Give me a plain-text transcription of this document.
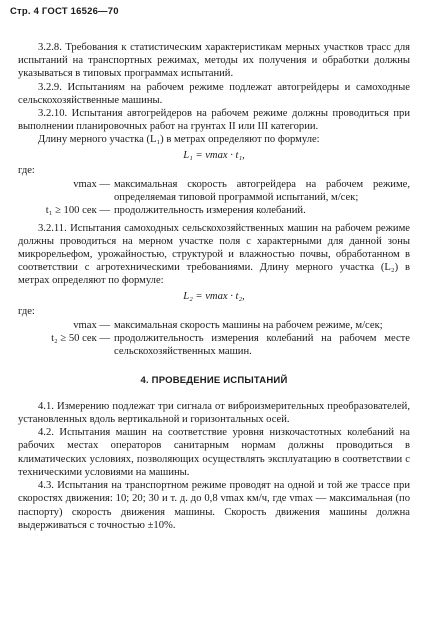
Стр. 4 ГОСТ 16526—70

3.2.8. Требования к статистическим характеристикам мерных участков трасс для испытаний на транспортных режимах, методы их получения и обработки должны указываться в типовых программах испытаний.

3.2.9. Испытаниям на рабочем режиме подлежат автогрейдеры и самоходные сельскохозяйственные машины.

3.2.10. Испытания автогрейдеров на рабочем режиме должны проводиться при выполнении планировочных работ на грунтах II или III категории.

Длину мерного участка (L₁) в метрах определяют по формуле:

L₁ = vmax · t₁,

где:

vmax — максимальная скорость автогрейдера на рабочем режиме, определяемая типовой программой испытаний, м/сек;
t₁ ≥ 100 сек — продолжительность измерения колебаний.

3.2.11. Испытания самоходных сельскохозяйственных машин на рабочем режиме должны проводиться на мерном участке поля с характерными для данной зоны микрорельефом, урожайностью, структурой и влажностью почвы, обработанном в соответствии с агротехническими требованиями. Длину мерного участка (L₂) в метрах определяют по формуле:

L₂ = vmax · t₂,

где:

vmax — максимальная скорость машины на рабочем режиме, м/сек;
t₂ ≥ 50 сек — продолжительность измерения колебаний на рабочем месте сельскохозяйственных машин.
4. ПРОВЕДЕНИЕ ИСПЫТАНИЙ

4.1. Измерению подлежат три сигнала от виброизмерительных преобразователей, установленных вдоль вертикальной и горизонтальных осей.

4.2. Испытания машин на соответствие уровня низкочастотных колебаний на рабочих местах операторов санитарным нормам должны проводиться в климатических условиях, позволяющих осуществлять эксплуатацию в соответствии с техническими условиями на машины.

4.3. Испытания на транспортном режиме проводят на одной и той же трассе при скоростях движения: 10; 20; 30 и т. д. до 0,8 vmax км/ч, где vmax — максимальная (по паспорту) скорость движения машины. Скорость движения машины должна выдерживаться с точностью ±10%.
